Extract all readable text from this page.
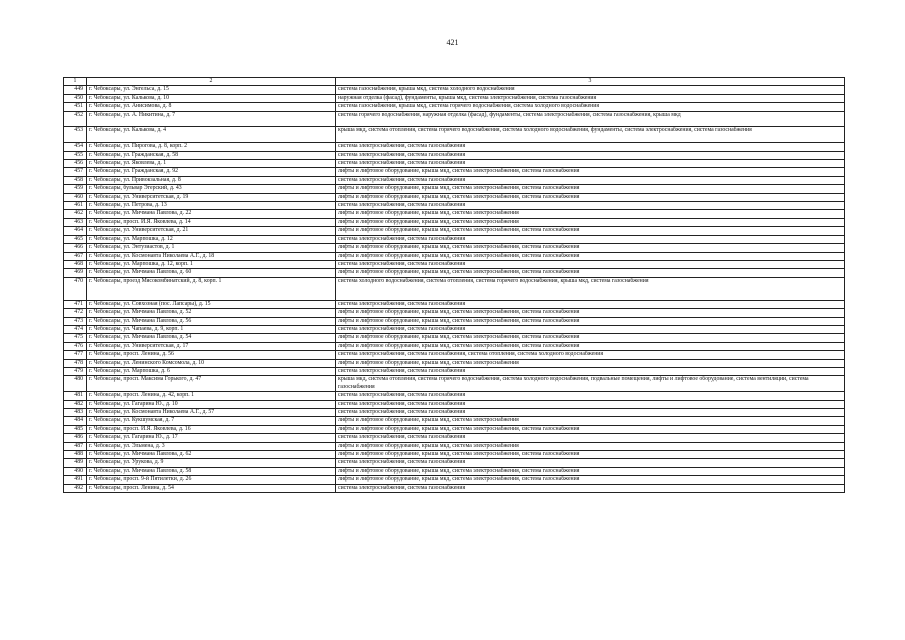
421
1	2	3
449	г. Чебоксары, ул. Энгельса, д. 15	система газоснабжения, крыша мкд, система холодного водоснабжения
450	г. Чебоксары, ул. Калькова, д. 10	наружная отделка (фасад), фундаменты, крыша мкд, система электроснабжения, система газоснабжения
451	г. Чебоксары, ул. Анисимова, д. 8	система газоснабжения, крыша мкд, система горячего водоснабжения, система холодного водоснабжения
452	г. Чебоксары, ул. А. Никитина, д. 7	система горячего водоснабжения, наружная отделка (фасад), фундаменты, система электроснабжения, система газоснабжения, крыша мкд
453	г. Чебоксары, ул. Калькова, д. 4	крыша мкд, система отопления, система горячего водоснабжения, система холодного водоснабжения, фундаменты, система электроснабжения, система газоснабжения
454	г. Чебоксары, ул. Пирогова, д. 8, корп. 2	система электроснабжения, система газоснабжения
455	г. Чебоксары, ул. Гражданская, д. 58	система электроснабжения, система газоснабжения
456	г. Чебоксары, ул. Яковлева, д. 1	система электроснабжения, система газоснабжения
457	г. Чебоксары, ул. Гражданская, д. 92	лифты и лифтовое оборудование, крыша мкд, система электроснабжения, система газоснабжения
458	г. Чебоксары, ул. Привокзальная, д. 8	система электроснабжения, система газоснабжения
459	г. Чебоксары, бульвар Эгерский, д. 43	лифты и лифтовое оборудование, крыша мкд, система электроснабжения, система газоснабжения
460	г. Чебоксары, ул. Университетская, д. 19	лифты и лифтовое оборудование, крыша мкд, система электроснабжения, система газоснабжения
461	г. Чебоксары, ул. Петрова, д. 13	система электроснабжения, система газоснабжения
462	г. Чебоксары, ул. Мичмана Павлова, д. 22	лифты и лифтовое оборудование, крыша мкд, система электроснабжения
463	г. Чебоксары, просп. И.Я. Яковлева, д. 14	лифты и лифтовое оборудование, крыша мкд, система электроснабжения
464	г. Чебоксары, ул. Университетская, д. 21	лифты и лифтовое оборудование, крыша мкд, система электроснабжения, система газоснабжения
465	г. Чебоксары, ул. Марпошка, д. 12	система электроснабжения, система газоснабжения
466	г. Чебоксары, ул. Энтузиастов, д. 1	лифты и лифтовое оборудование, крыша мкд, система электроснабжения, система газоснабжения
467	г. Чебоксары, ул. Космонавта Николаева А.Г., д. 18	лифты и лифтовое оборудование, крыша мкд, система электроснабжения, система газоснабжения
468	г. Чебоксары, ул. Марпошка, д. 12, корп. 1	система электроснабжения, система газоснабжения
469	г. Чебоксары, ул. Мичмана Павлова, д. 60	лифты и лифтовое оборудование, крыша мкд, система электроснабжения, система газоснабжения
470	г. Чебоксары, проезд Мясокомбинатский, д. 8, корп. 1	система холодного водоснабжения, система отопления, система горячего водоснабжения, крыша мкд, система газоснабжения
471	г. Чебоксары, ул. Совхозная (пос. Лапсары), д. 15	система электроснабжения, система газоснабжения
472	г. Чебоксары, ул. Мичмана Павлова, д. 52	лифты и лифтовое оборудование, крыша мкд, система электроснабжения, система газоснабжения
473	г. Чебоксары, ул. Мичмана Павлова, д. 56	лифты и лифтовое оборудование, крыша мкд, система электроснабжения, система газоснабжения
474	г. Чебоксары, ул. Чапаева, д. 9, корп. 1	система электроснабжения, система газоснабжения
475	г. Чебоксары, ул. Мичмана Павлова, д. 54	лифты и лифтовое оборудование, крыша мкд, система электроснабжения, система газоснабжения
476	г. Чебоксары, ул. Университетская, д. 17	лифты и лифтовое оборудование, крыша мкд, система электроснабжения, система газоснабжения
477	г. Чебоксары, просп. Ленина, д. 56	система электроснабжения, система газоснабжения, система отопления, система холодного водоснабжения
478	г. Чебоксары, ул. Ленинского Комсомола, д. 10	лифты и лифтовое оборудование, крыша мкд, система электроснабжения
479	г. Чебоксары, ул. Марпошка, д. 6	система электроснабжения, система газоснабжения
480	г. Чебоксары, просп. Максима Горького, д. 47	крыша мкд, система отопления, система горячего водоснабжения, система холодного водоснабжения, подвальные помещения, лифты и лифтовое оборудование, система вентиляции, система газоснабжения
481	г. Чебоксары, просп. Ленина, д. 42, корп. 1	система электроснабжения, система газоснабжения
482	г. Чебоксары, ул. Гагарина Ю., д. 10	система электроснабжения, система газоснабжения
483	г. Чебоксары, ул. Космонавта Николаева А.Г., д. 57	система электроснабжения, система газоснабжения
484	г. Чебоксары, ул. Кукшумская, д. 7	лифты и лифтовое оборудование, крыша мкд, система электроснабжения
485	г. Чебоксары, просп. И.Я. Яковлева, д. 16	лифты и лифтовое оборудование, крыша мкд, система электроснабжения, система газоснабжения
486	г. Чебоксары, ул. Гагарина Ю., д. 17	система электроснабжения, система газоснабжения
487	г. Чебоксары, ул. Эльмена, д. 3	лифты и лифтовое оборудование, крыша мкд, система электроснабжения
488	г. Чебоксары, ул. Мичмана Павлова, д. 62	лифты и лифтовое оборудование, крыша мкд, система электроснабжения, система газоснабжения
489	г. Чебоксары, ул. Урукова, д. 9	система электроснабжения, система газоснабжения
490	г. Чебоксары, ул. Мичмана Павлова, д. 58	лифты и лифтовое оборудование, крыша мкд, система электроснабжения, система газоснабжения
491	г. Чебоксары, просп. 9-й Пятилетки, д. 26	лифты и лифтовое оборудование, крыша мкд, система электроснабжения, система газоснабжения
492	г. Чебоксары, просп. Ленина, д. 54	система электроснабжения, система газоснабжения
